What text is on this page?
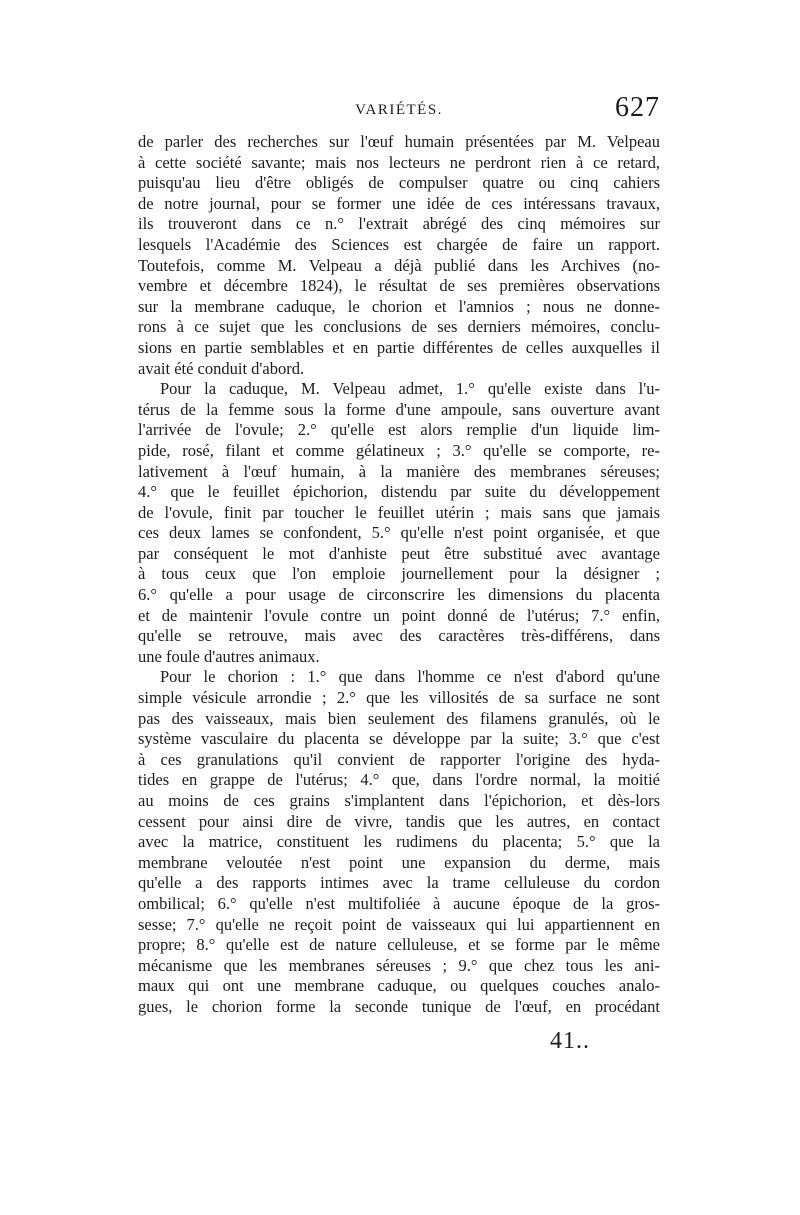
VARIÉTÉS.	627
de parler des recherches sur l'œuf humain présentées par M. Velpeau
à cette société savante; mais nos lecteurs ne perdront rien à ce retard,
puisqu'au lieu d'être obligés de compulser quatre ou cinq cahiers
de notre journal, pour se former une idée de ces intéressans travaux,
ils trouveront dans ce n.° l'extrait abrégé des cinq mémoires sur
lesquels l'Académie des Sciences est chargée de faire un rapport.
Toutefois, comme M. Velpeau a déjà publié dans les Archives (no-
vembre et décembre 1824), le résultat de ses premières observations
sur la membrane caduque, le chorion et l'amnios ; nous ne donne-
rons à ce sujet que les conclusions de ses derniers mémoires, conclu-
sions en partie semblables et en partie différentes de celles auxquelles il
avait été conduit d'abord.
Pour la caduque, M. Velpeau admet, 1.° qu'elle existe dans l'u-
térus de la femme sous la forme d'une ampoule, sans ouverture avant
l'arrivée de l'ovule; 2.° qu'elle est alors remplie d'un liquide lim-
pide, rosé, filant et comme gélatineux ; 3.° qu'elle se comporte, re-
lativement à l'œuf humain, à la manière des membranes séreuses;
4.° que le feuillet épichorion, distendu par suite du développement
de l'ovule, finit par toucher le feuillet utérin ; mais sans que jamais
ces deux lames se confondent, 5.° qu'elle n'est point organisée, et que
par conséquent le mot d'anhiste peut être substitué avec avantage
à tous ceux que l'on emploie journellement pour la désigner ;
6.° qu'elle a pour usage de circonscrire les dimensions du placenta
et de maintenir l'ovule contre un point donné de l'utérus; 7.° enfin,
qu'elle se retrouve, mais avec des caractères très-différens, dans
une foule d'autres animaux.
Pour le chorion : 1.° que dans l'homme ce n'est d'abord qu'une
simple vésicule arrondie ; 2.° que les villosités de sa surface ne sont
pas des vaisseaux, mais bien seulement des filamens granulés, où le
système vasculaire du placenta se développe par la suite; 3.° que c'est
à ces granulations qu'il convient de rapporter l'origine des hyda-
tides en grappe de l'utérus; 4.° que, dans l'ordre normal, la moitié
au moins de ces grains s'implantent dans l'épichorion, et dès-lors
cessent pour ainsi dire de vivre, tandis que les autres, en contact
avec la matrice, constituent les rudimens du placenta; 5.° que la
membrane veloutée n'est point une expansion du derme, mais
qu'elle a des rapports intimes avec la trame celluleuse du cordon
ombilical; 6.° qu'elle n'est multifoliée à aucune époque de la gros-
sesse; 7.° qu'elle ne reçoit point de vaisseaux qui lui appartiennent en
propre; 8.° qu'elle est de nature celluleuse, et se forme par le même
mécanisme que les membranes séreuses ; 9.° que chez tous les ani-
maux qui ont une membrane caduque, ou quelques couches analo-
gues, le chorion forme la seconde tunique de l'œuf, en procédant
41..
